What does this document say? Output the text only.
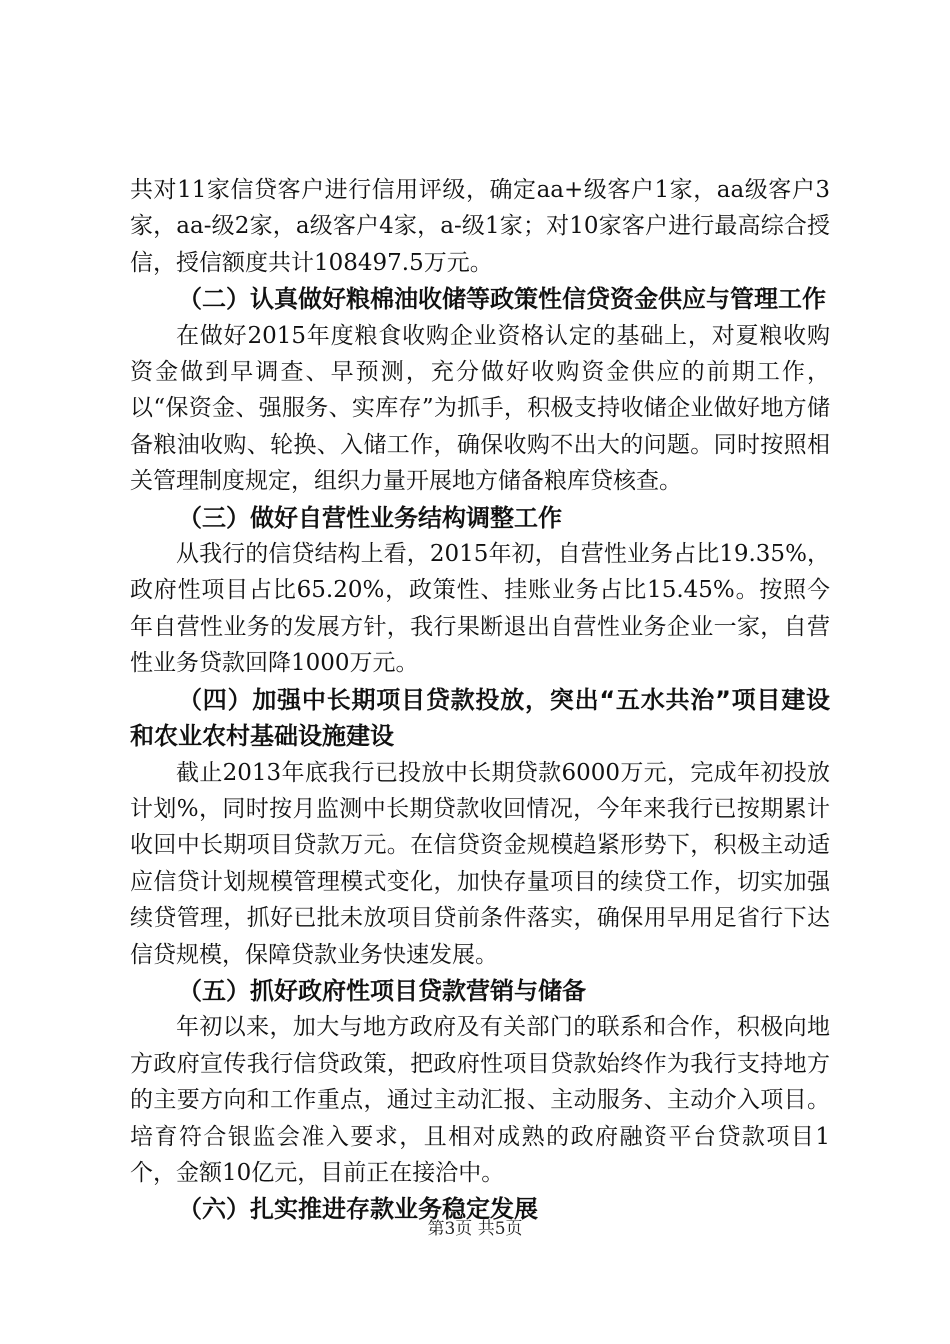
共对11家信贷客户进行信用评级，确定aa+级客户1家，aa级客户3家，aa-级2家，a级客户4家，a-级1家；对10家客户进行最高综合授信，授信额度共计108497.5万元。

（二）认真做好粮棉油收储等政策性信贷资金供应与管理工作

在做好2015年度粮食收购企业资格认定的基础上，对夏粮收购资金做到早调查、早预测，充分做好收购资金供应的前期工作，以“保资金、强服务、实库存”为抓手，积极支持收储企业做好地方储备粮油收购、轮换、入储工作，确保收购不出大的问题。同时按照相关管理制度规定，组织力量开展地方储备粮库贷核查。

（三）做好自营性业务结构调整工作

从我行的信贷结构上看，2015年初，自营性业务占比19.35%，政府性项目占比65.20%，政策性、挂账业务占比15.45%。按照今年自营性业务的发展方针，我行果断退出自营性业务企业一家，自营性业务贷款回降1000万元。

（四）加强中长期项目贷款投放，突出“五水共治”项目建设和农业农村基础设施建设

截止2013年底我行已投放中长期贷款6000万元，完成年初投放计划%，同时按月监测中长期贷款收回情况，今年来我行已按期累计收回中长期项目贷款万元。在信贷资金规模趋紧形势下，积极主动适应信贷计划规模管理模式变化，加快存量项目的续贷工作，切实加强续贷管理，抓好已批未放项目贷前条件落实，确保用早用足省行下达信贷规模，保障贷款业务快速发展。

（五）抓好政府性项目贷款营销与储备

年初以来，加大与地方政府及有关部门的联系和合作，积极向地方政府宣传我行信贷政策，把政府性项目贷款始终作为我行支持地方的主要方向和工作重点，通过主动汇报、主动服务、主动介入项目。培育符合银监会准入要求，且相对成熟的政府融资平台贷款项目1个，金额10亿元，目前正在接洽中。

（六）扎实推进存款业务稳定发展

第3页 共5页
